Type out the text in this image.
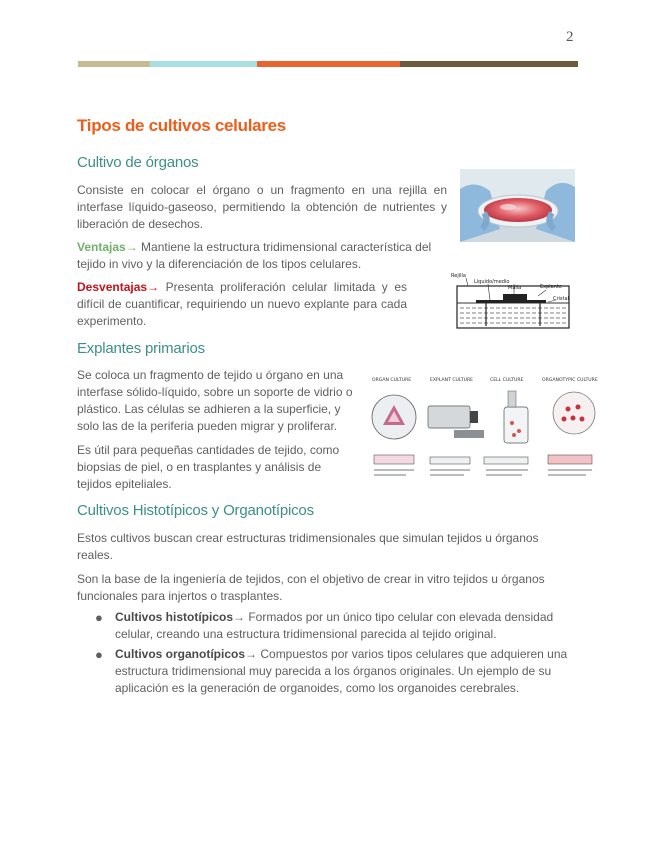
2
Tipos de cultivos celulares
Cultivo de órganos

Consiste en colocar el órgano o un fragmento en una rejilla en interfase líquido-gaseoso, permitiendo la obtención de nutrientes y liberación de desechos.

Ventajas→ Mantiene la estructura tridimensional característica del tejido in vivo y la diferenciación de los tipos celulares.

Desventajas→ Presenta proliferación celular limitada y es difícil de cuantificar, requiriendo un nuevo explante para cada experimento.

Rejilla
Líquido/medio
Malla	Explante
Cristal
Explantes primarios

Se coloca un fragmento de tejido u órgano en una interfase sólido-líquido, sobre un soporte de vidrio o plástico. Las células se adhieren a la superficie, y solo las de la periferia pueden migrar y proliferar.

Es útil para pequeñas cantidades de tejido, como biopsias de piel, o en trasplantes y análisis de tejidos epiteliales.

ORGAN CULTURE	EXPLANT CULTURE	CELL CULTURE	ORGANOTYPIC CULTURE
Cultivos Histotípicos y Organotípicos

Estos cultivos buscan crear estructuras tridimensionales que simulan tejidos u órganos reales.

Son la base de la ingeniería de tejidos, con el objetivo de crear in vitro tejidos u órganos funcionales para injertos o trasplantes.

● Cultivos histotípicos→ Formados por un único tipo celular con elevada densidad celular, creando una estructura tridimensional parecida al tejido original.
● Cultivos organotípicos→ Compuestos por varios tipos celulares que adquieren una estructura tridimensional muy parecida a los órganos originales. Un ejemplo de su aplicación es la generación de organoides, como los organoides cerebrales.
